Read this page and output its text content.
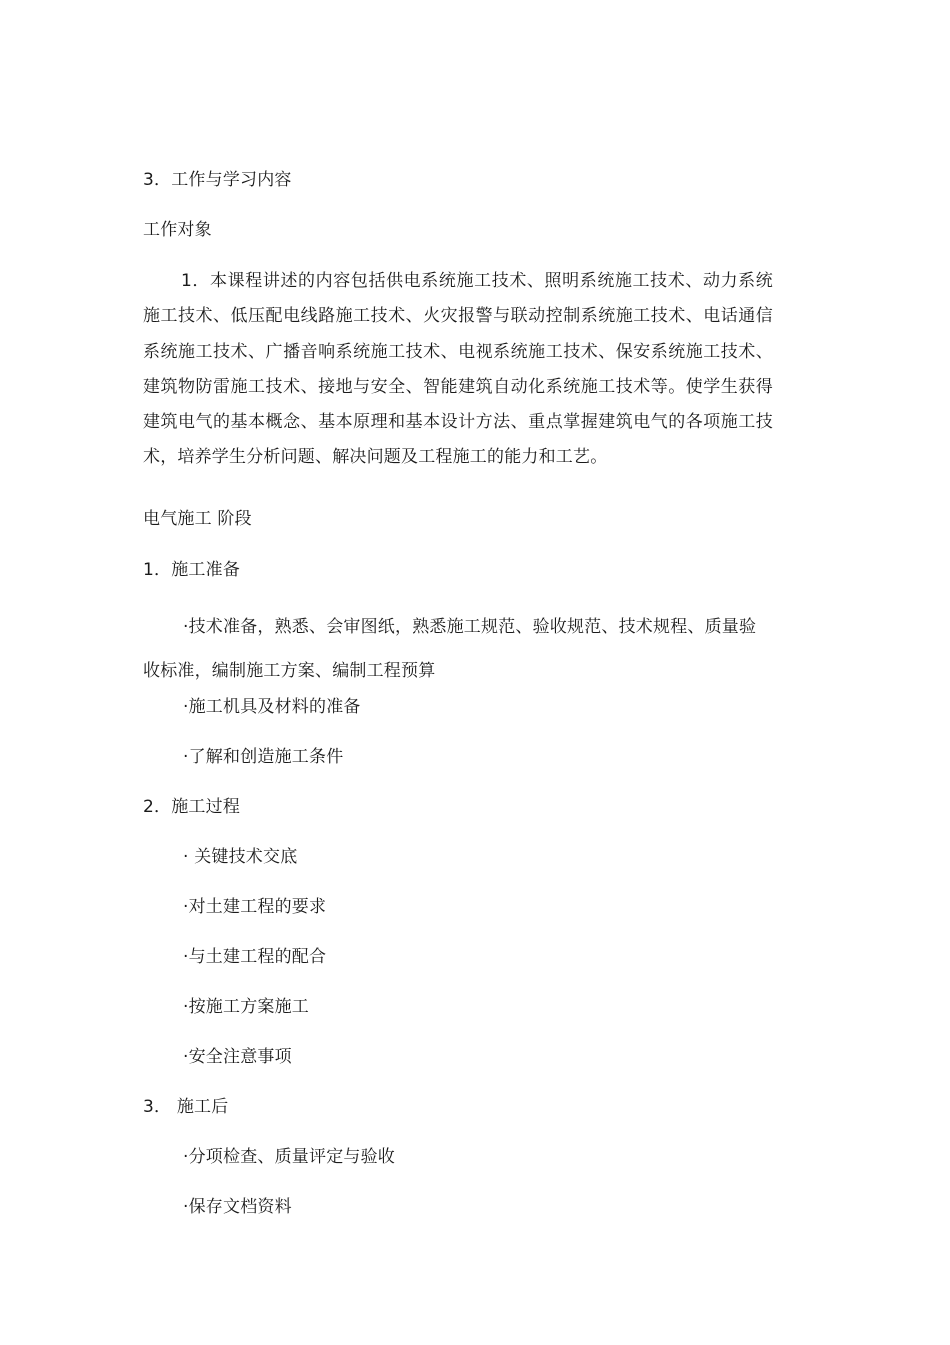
3．工作与学习内容
工作对象
1．本课程讲述的内容包括供电系统施工技术、照明系统施工技术、动力系统施工技术、低压配电线路施工技术、火灾报警与联动控制系统施工技术、电话通信系统施工技术、广播音响系统施工技术、电视系统施工技术、保安系统施工技术、建筑物防雷施工技术、接地与安全、智能建筑自动化系统施工技术等。使学生获得建筑电气的基本概念、基本原理和基本设计方法、重点掌握建筑电气的各项施工技术，培养学生分析问题、解决问题及工程施工的能力和工艺。
电气施工 阶段
1．施工准备
·技术准备，熟悉、会审图纸，熟悉施工规范、验收规范、技术规程、质量验收标准，编制施工方案、编制工程预算
·施工机具及材料的准备
·了解和创造施工条件
2．施工过程
· 关键技术交底
·对土建工程的要求
·与土建工程的配合
·按施工方案施工
·安全注意事项
3． 施工后
·分项检查、质量评定与验收
·保存文档资料
